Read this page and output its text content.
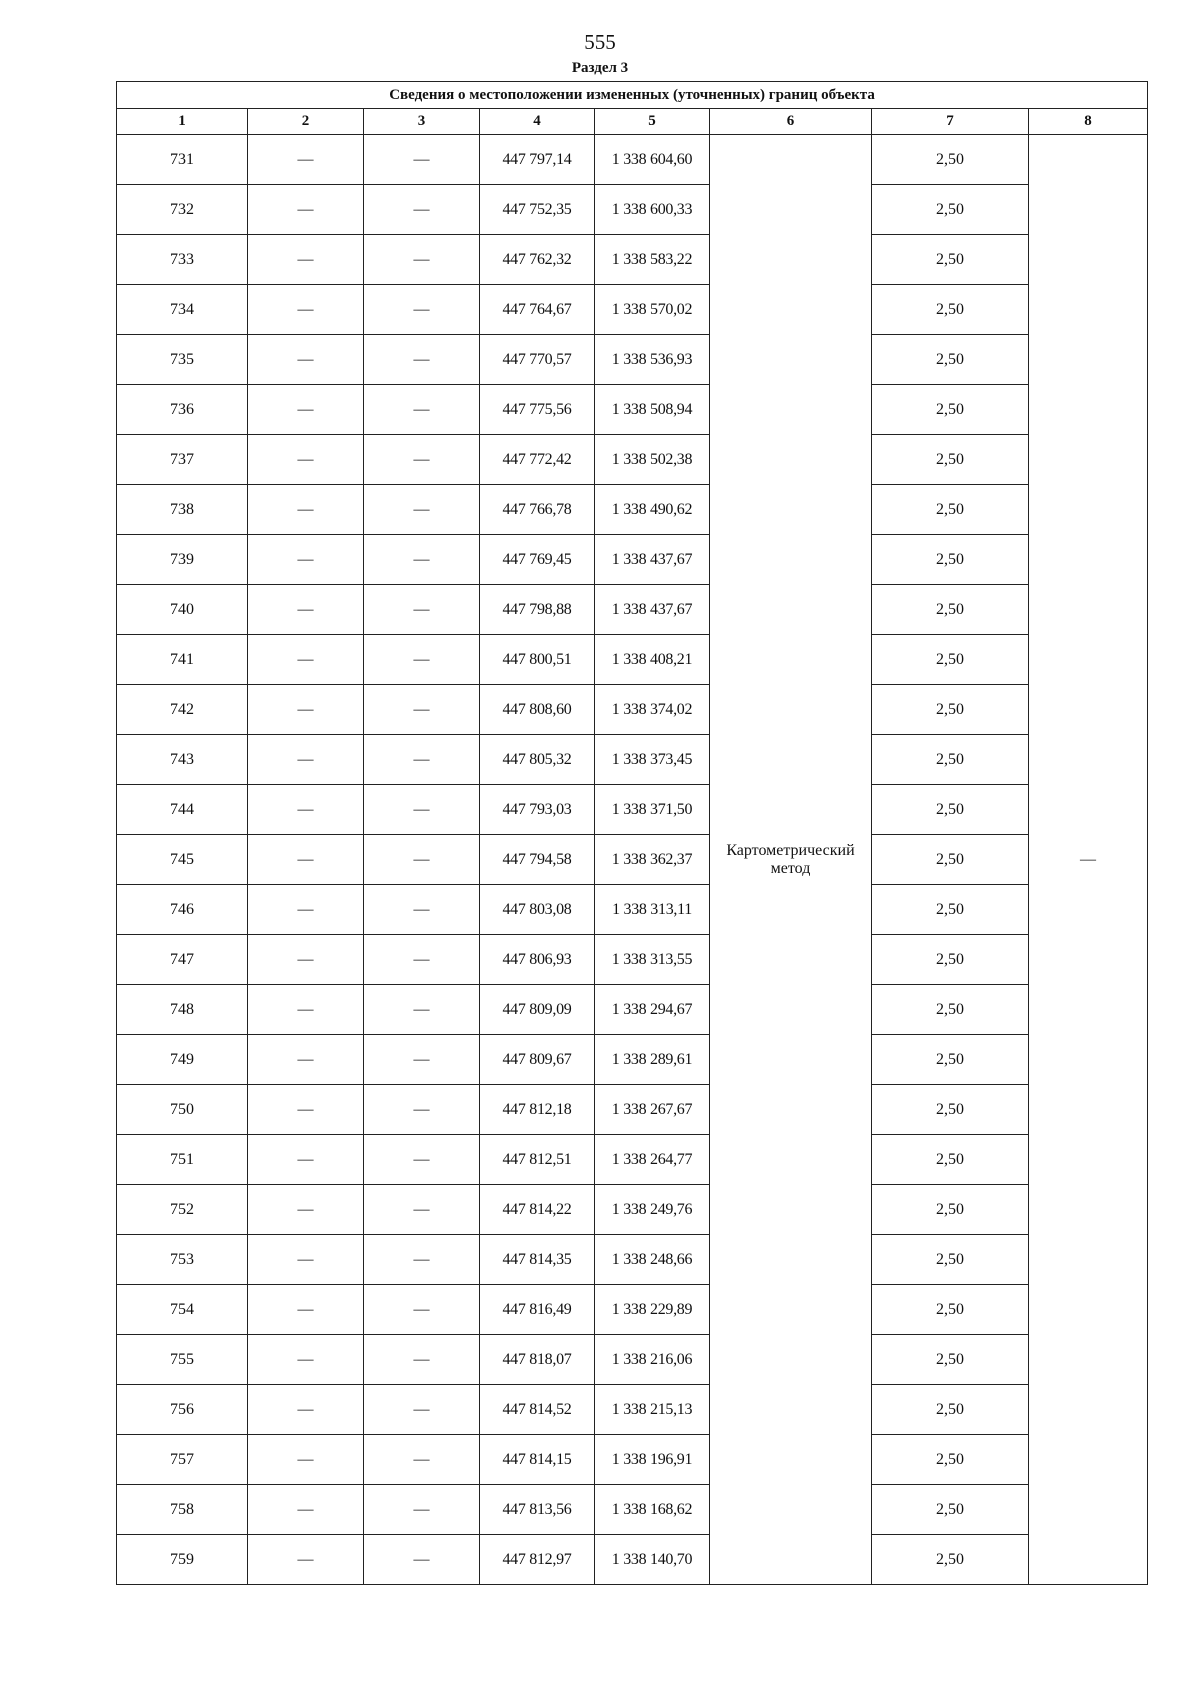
555
Раздел 3
Сведения о местоположении измененных (уточненных) границ объекта							
1	2	3	4	5	6	7	8
731	—	—	447 797,14	1 338 604,60	Картометрический метод	2,50	—
732	—	—	447 752,35	1 338 600,33		2,50	
733	—	—	447 762,32	1 338 583,22		2,50	
734	—	—	447 764,67	1 338 570,02		2,50	
735	—	—	447 770,57	1 338 536,93		2,50	
736	—	—	447 775,56	1 338 508,94		2,50	
737	—	—	447 772,42	1 338 502,38		2,50	
738	—	—	447 766,78	1 338 490,62		2,50	
739	—	—	447 769,45	1 338 437,67		2,50	
740	—	—	447 798,88	1 338 437,67		2,50	
741	—	—	447 800,51	1 338 408,21		2,50	
742	—	—	447 808,60	1 338 374,02		2,50	
743	—	—	447 805,32	1 338 373,45		2,50	
744	—	—	447 793,03	1 338 371,50		2,50	
745	—	—	447 794,58	1 338 362,37		2,50	
746	—	—	447 803,08	1 338 313,11		2,50	
747	—	—	447 806,93	1 338 313,55		2,50	
748	—	—	447 809,09	1 338 294,67		2,50	
749	—	—	447 809,67	1 338 289,61		2,50	
750	—	—	447 812,18	1 338 267,67		2,50	
751	—	—	447 812,51	1 338 264,77		2,50	
752	—	—	447 814,22	1 338 249,76		2,50	
753	—	—	447 814,35	1 338 248,66		2,50	
754	—	—	447 816,49	1 338 229,89		2,50	
755	—	—	447 818,07	1 338 216,06		2,50	
756	—	—	447 814,52	1 338 215,13		2,50	
757	—	—	447 814,15	1 338 196,91		2,50	
758	—	—	447 813,56	1 338 168,62		2,50	
759	—	—	447 812,97	1 338 140,70		2,50	
